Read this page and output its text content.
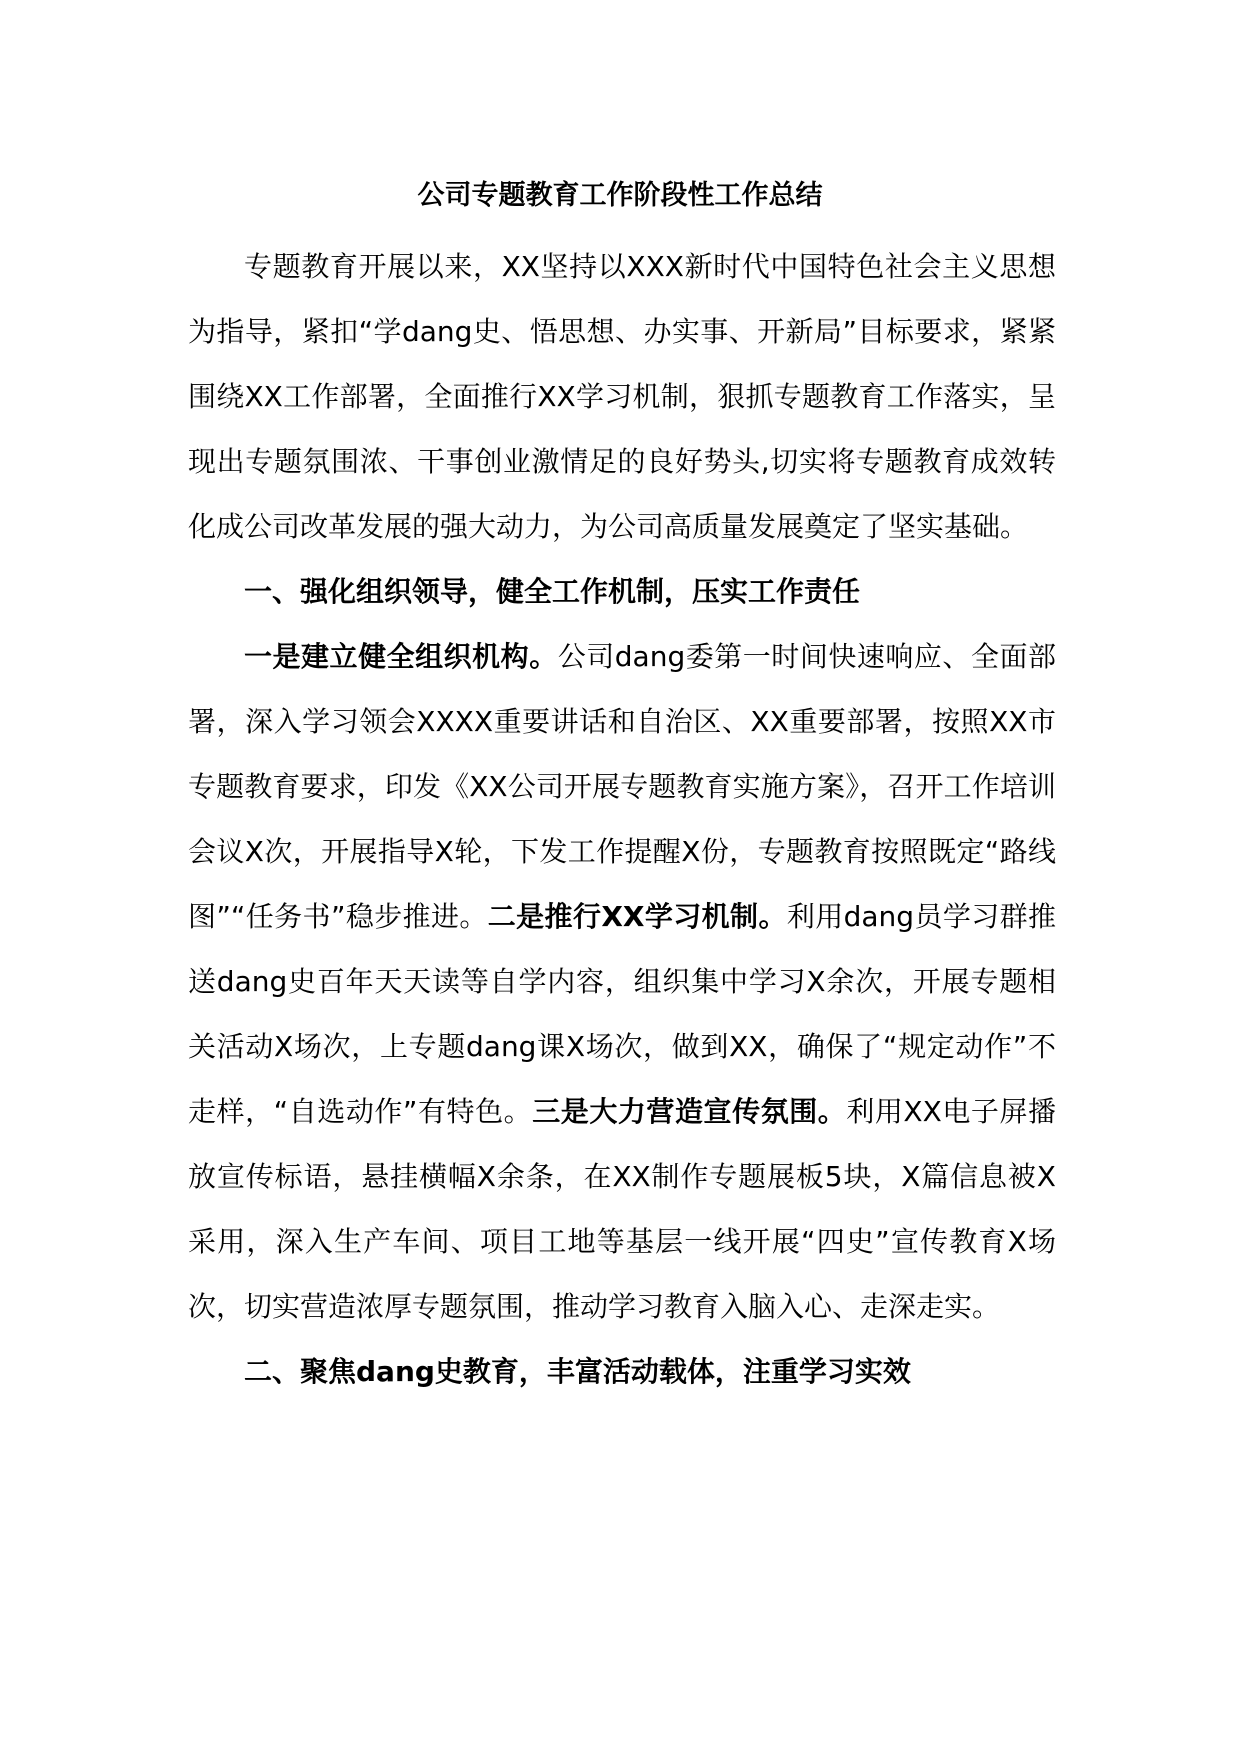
公司专题教育工作阶段性工作总结

专题教育开展以来，XX坚持以XXX新时代中国特色社会主义思想为指导，紧扣“学dang史、悟思想、办实事、开新局”目标要求，紧紧围绕XX工作部署，全面推行XX学习机制，狠抓专题教育工作落实，呈现出专题氛围浓、干事创业激情足的良好势头,切实将专题教育成效转化成公司改革发展的强大动力，为公司高质量发展奠定了坚实基础。

一、强化组织领导，健全工作机制，压实工作责任

一是建立健全组织机构。公司dang委第一时间快速响应、全面部署，深入学习领会XXXX重要讲话和自治区、XX重要部署，按照XX市专题教育要求，印发《XX公司开展专题教育实施方案》，召开工作培训会议X次，开展指导X轮，下发工作提醒X份，专题教育按照既定“路线图”“任务书”稳步推进。二是推行XX学习机制。利用dang员学习群推送dang史百年天天读等自学内容，组织集中学习X余次，开展专题相关活动X场次，上专题dang课X场次，做到XX，确保了“规定动作”不走样，“自选动作”有特色。三是大力营造宣传氛围。利用XX电子屏播放宣传标语，悬挂横幅X余条，在XX制作专题展板5块，X篇信息被X采用，深入生产车间、项目工地等基层一线开展“四史”宣传教育X场次，切实营造浓厚专题氛围，推动学习教育入脑入心、走深走实。

二、聚焦dang史教育，丰富活动载体，注重学习实效
